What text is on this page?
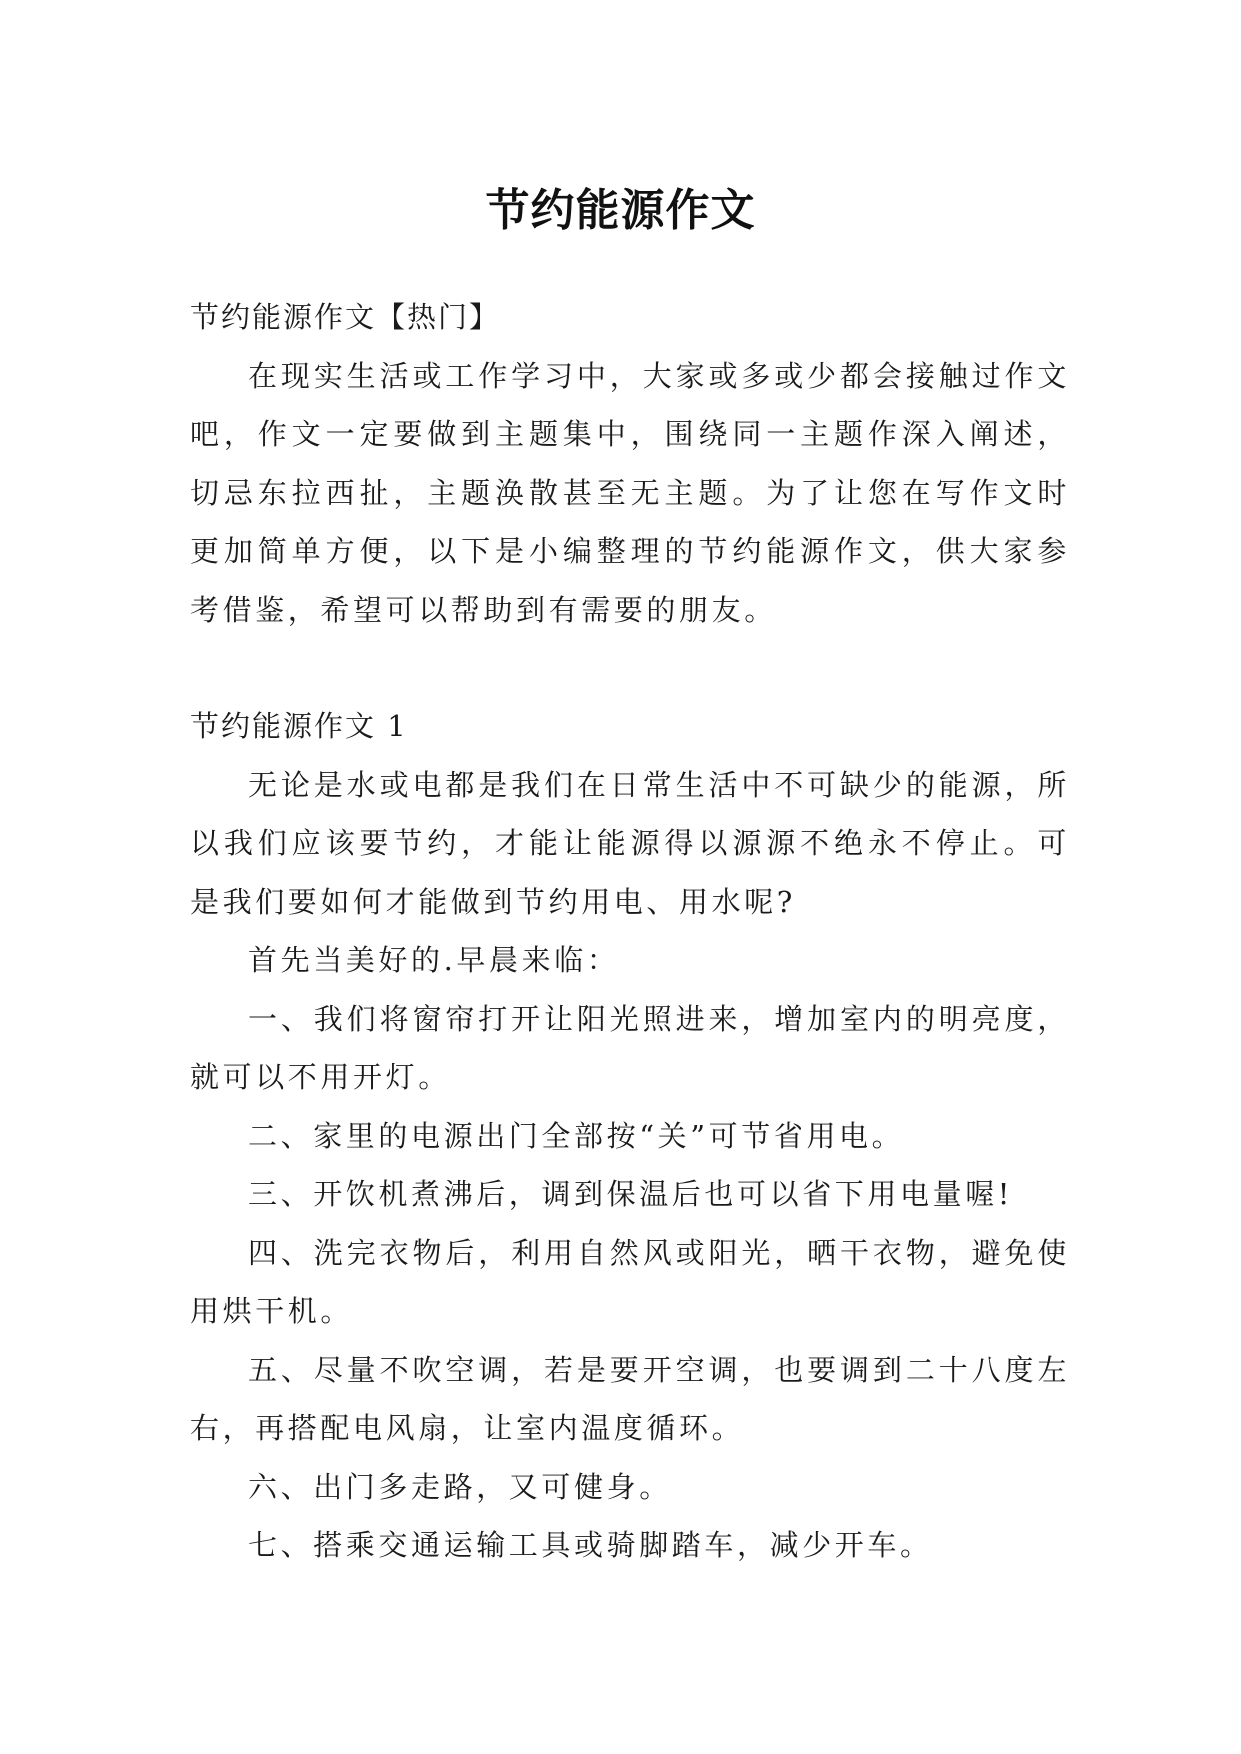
节约能源作文

节约能源作文【热门】

在现实生活或工作学习中，大家或多或少都会接触过作文吧，作文一定要做到主题集中，围绕同一主题作深入阐述，切忌东拉西扯，主题涣散甚至无主题。为了让您在写作文时更加简单方便，以下是小编整理的节约能源作文，供大家参考借鉴，希望可以帮助到有需要的朋友。

节约能源作文 1

无论是水或电都是我们在日常生活中不可缺少的能源，所以我们应该要节约，才能让能源得以源源不绝永不停止。可是我们要如何才能做到节约用电、用水呢?

首先当美好的.早晨来临：

一、我们将窗帘打开让阳光照进来，增加室内的明亮度，就可以不用开灯。

二、家里的电源出门全部按“关”可节省用电。

三、开饮机煮沸后，调到保温后也可以省下用电量喔!

四、洗完衣物后，利用自然风或阳光，晒干衣物，避免使用烘干机。

五、尽量不吹空调，若是要开空调，也要调到二十八度左右，再搭配电风扇，让室内温度循环。

六、出门多走路，又可健身。

七、搭乘交通运输工具或骑脚踏车，减少开车。
